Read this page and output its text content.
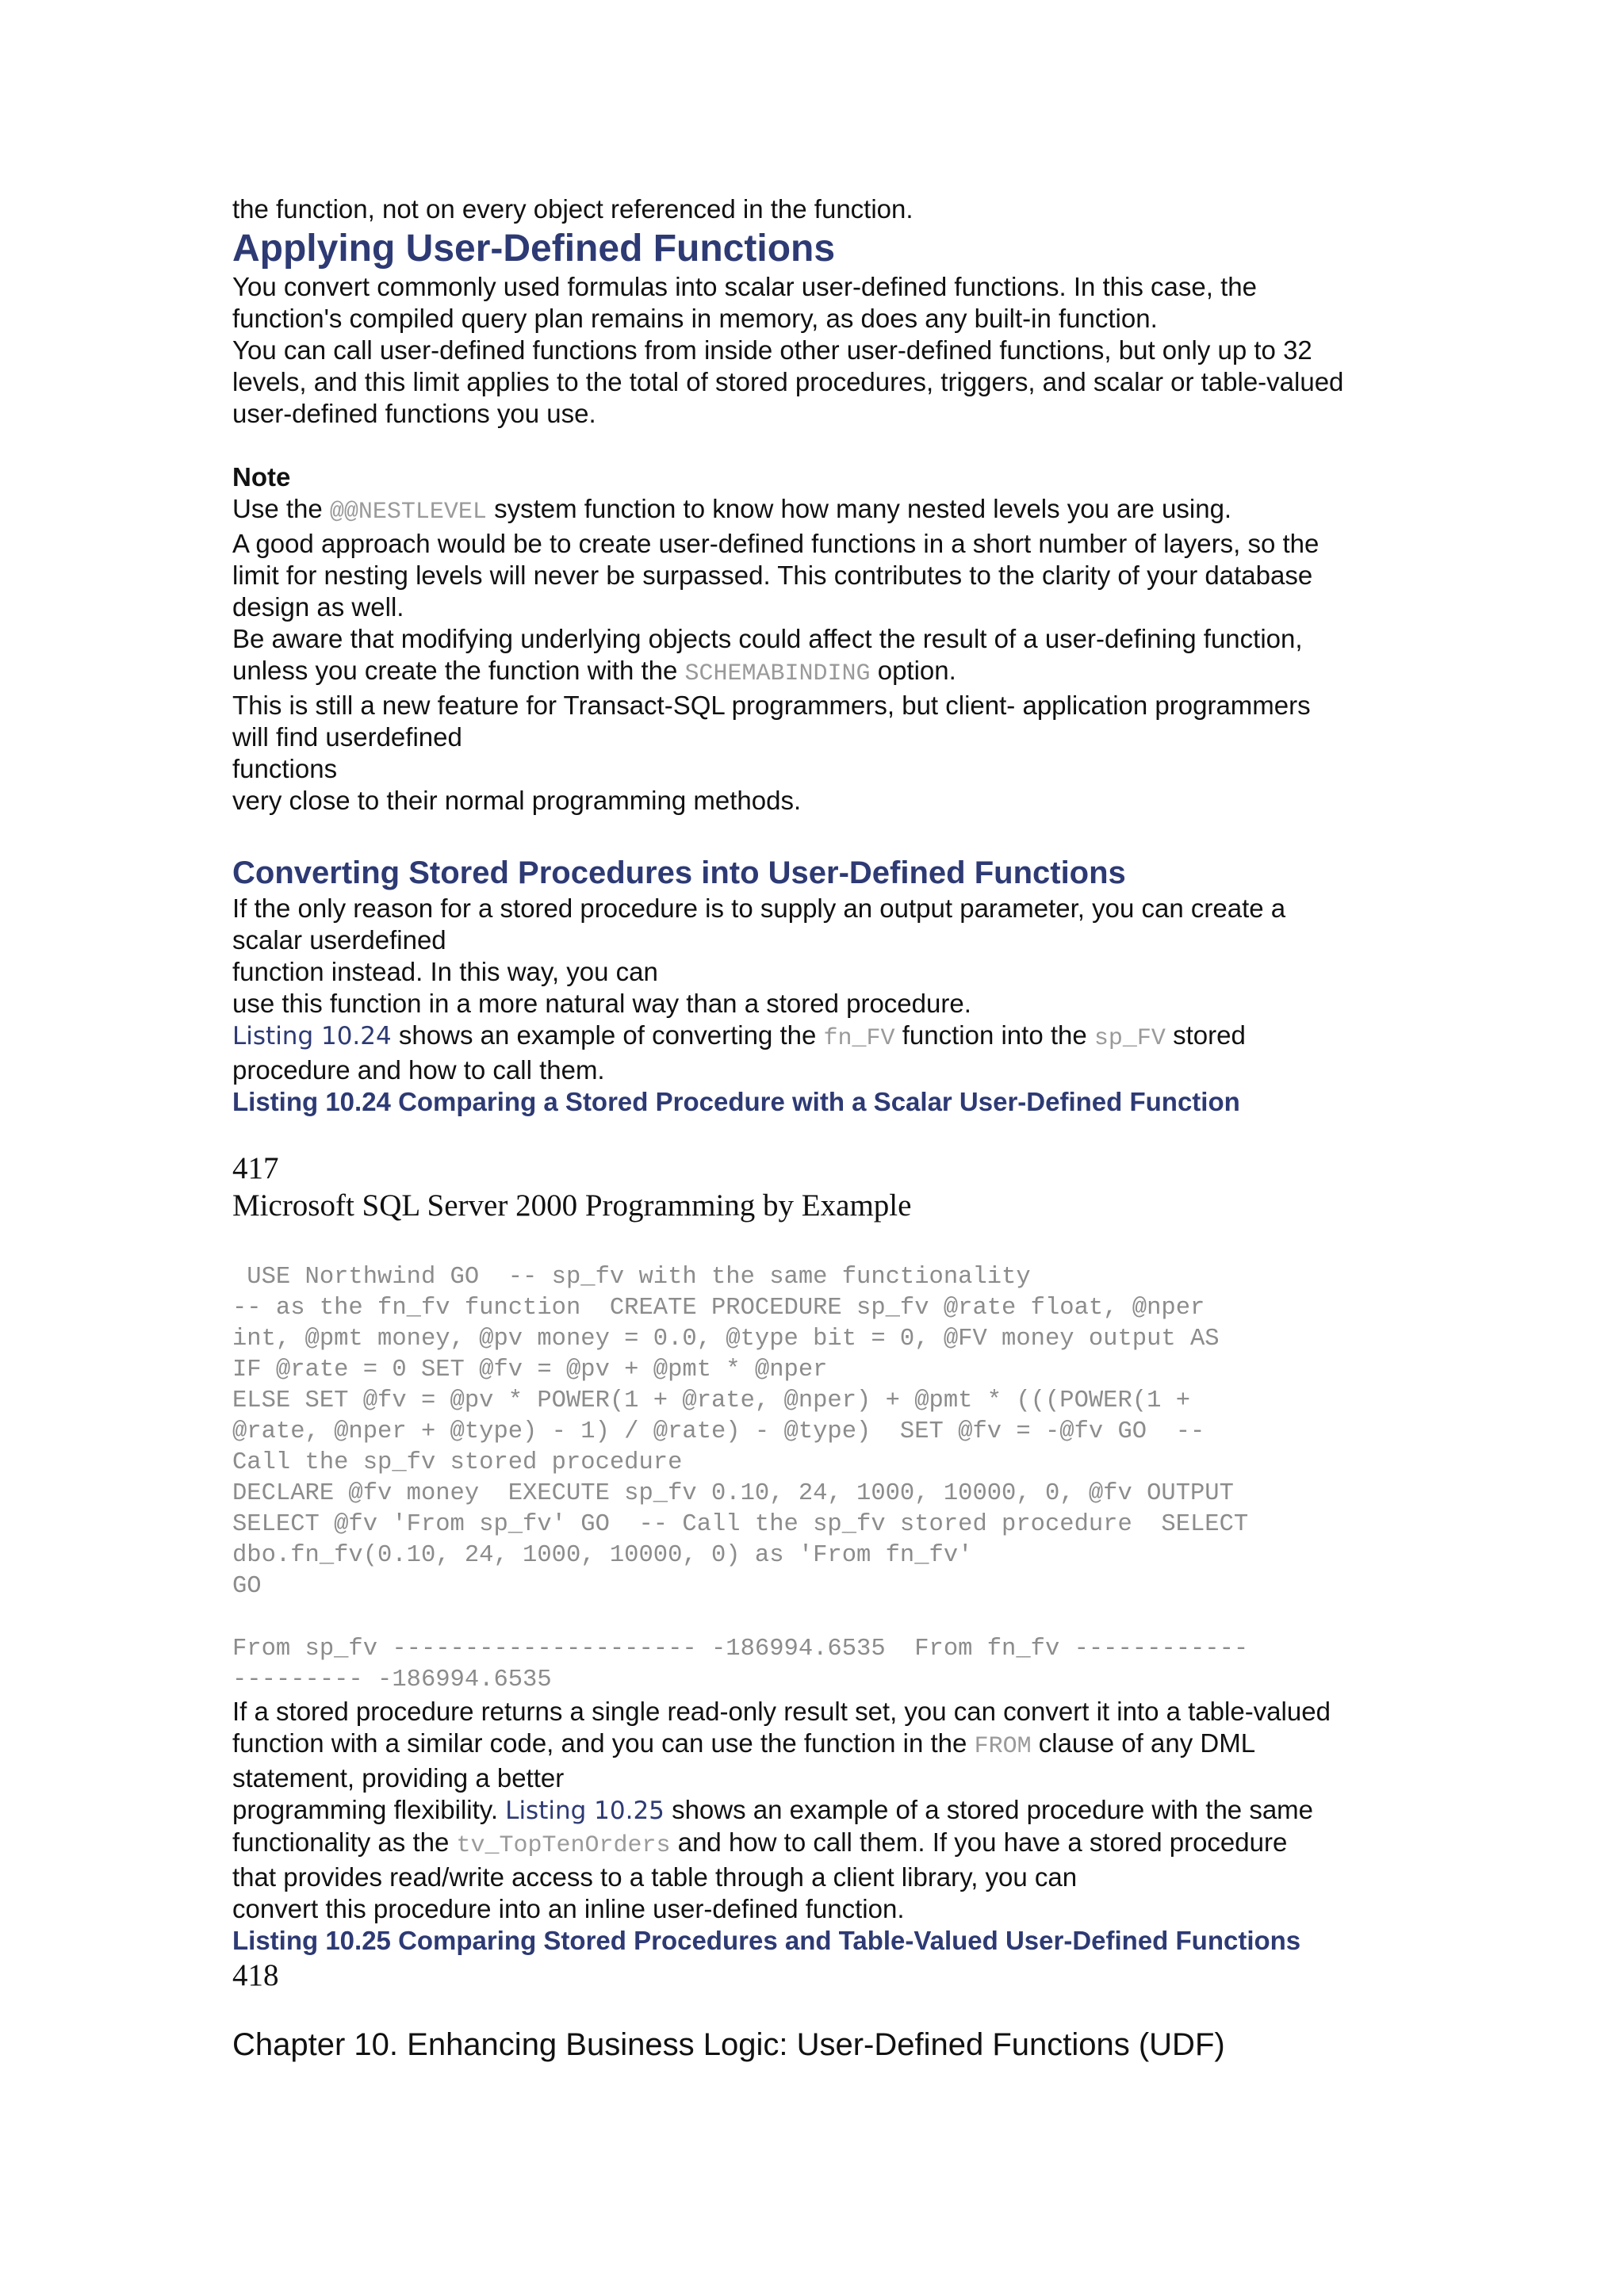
the function, not on every object referenced in the function.

Applying User-Defined Functions

You convert commonly used formulas into scalar user-defined functions. In this case, the

function's compiled query plan remains in memory, as does any built-in function.

You can call user-defined functions from inside other user-defined functions, but only up to 32

levels, and this limit applies to the total of stored procedures, triggers, and scalar or table-valued

user-defined functions you use.

Note

Use the @@NESTLEVEL system function to know how many nested levels you are using.

A good approach would be to create user-defined functions in a short number of layers, so the

limit for nesting levels will never be surpassed. This contributes to the clarity of your database

design as well.

Be aware that modifying underlying objects could affect the result of a user-defining function,

unless you create the function with the SCHEMABINDING option.

This is still a new feature for Transact-SQL programmers, but client- application programmers

will find userdefined

functions

very close to their normal programming methods.

Converting Stored Procedures into User-Defined Functions

If the only reason for a stored procedure is to supply an output parameter, you can create a

scalar userdefined

function instead. In this way, you can

use this function in a more natural way than a stored procedure.

Listing 10.24 shows an example of converting the fn_FV function into the sp_FV stored

procedure and how to call them.

Listing 10.24 Comparing a Stored Procedure with a Scalar User-Defined Function

417

Microsoft SQL Server 2000 Programming by Example

USE Northwind GO  -- sp_fv with the same functionality
-- as the fn_fv function  CREATE PROCEDURE sp_fv @rate float, @nper
int, @pmt money, @pv money = 0.0, @type bit = 0, @FV money output AS
IF @rate = 0 SET @fv = @pv + @pmt * @nper
ELSE SET @fv = @pv * POWER(1 + @rate, @nper) + @pmt * (((POWER(1 +
@rate, @nper + @type) - 1) / @rate) - @type)  SET @fv = -@fv GO  --
Call the sp_fv stored procedure
DECLARE @fv money  EXECUTE sp_fv 0.10, 24, 1000, 10000, 0, @fv OUTPUT
SELECT @fv 'From sp_fv' GO  -- Call the sp_fv stored procedure  SELECT
dbo.fn_fv(0.10, 24, 1000, 10000, 0) as 'From fn_fv'
GO
From sp_fv --------------------- -186994.6535  From fn_fv ------------
--------- -186994.6535

If a stored procedure returns a single read-only result set, you can convert it into a table-valued

function with a similar code, and you can use the function in the FROM clause of any DML

statement, providing a better

programming flexibility. Listing 10.25 shows an example of a stored procedure with the same

functionality as the tv_TopTenOrders and how to call them. If you have a stored procedure

that provides read/write access to a table through a client library, you can

convert this procedure into an inline user-defined function.

Listing 10.25 Comparing Stored Procedures and Table-Valued User-Defined Functions

418

Chapter 10. Enhancing Business Logic: User-Defined Functions (UDF)
